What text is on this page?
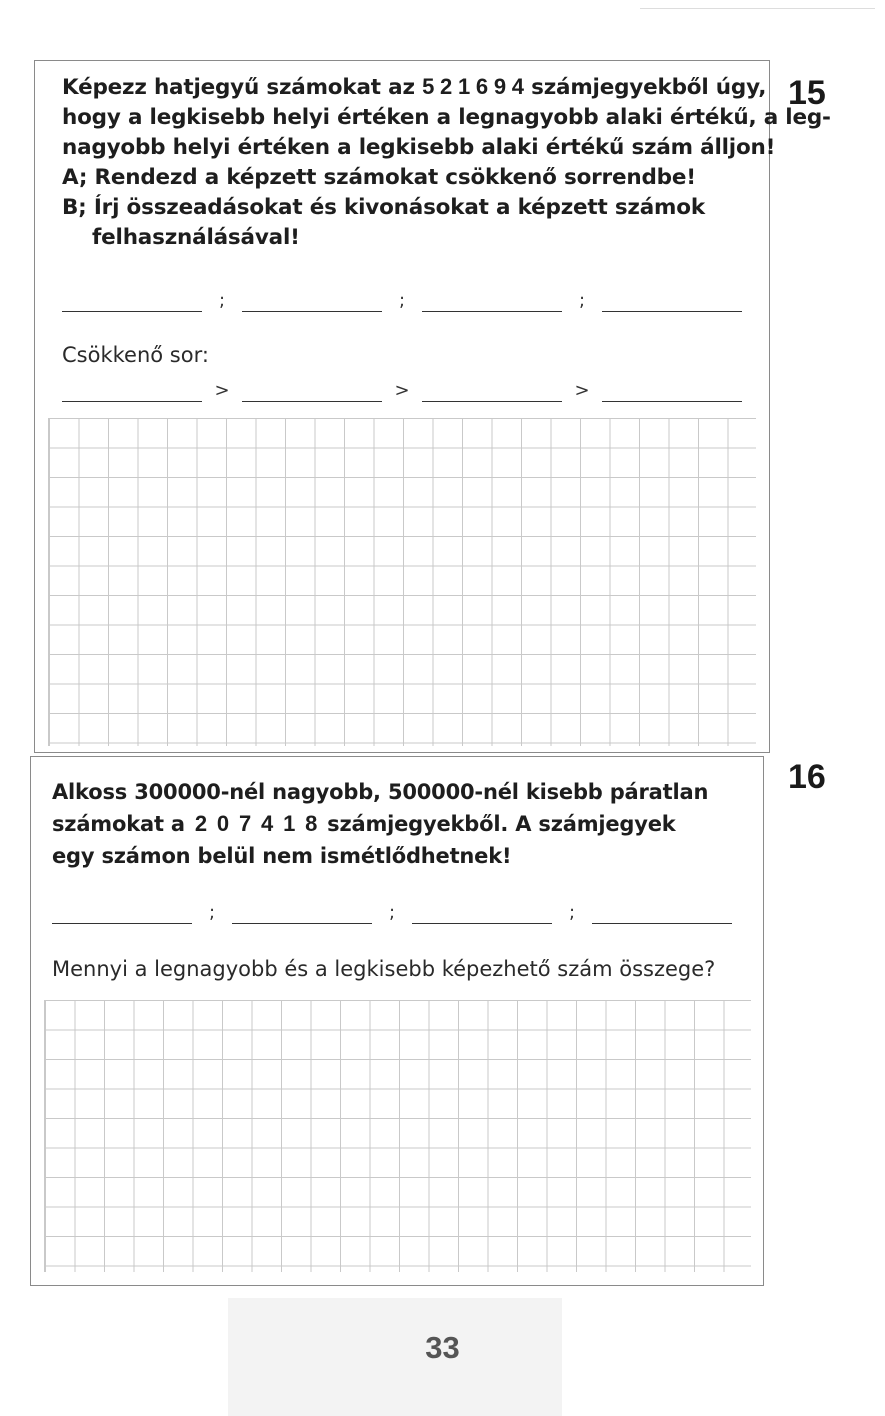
15
Képezz hatjegyű számokat az 5 2 1 6 9 4 számjegyekből úgy,
hogy a legkisebb helyi értéken a legnagyobb alaki értékű, a leg-
nagyobb helyi értéken a legkisebb alaki értékű szám álljon!
A; Rendezd a képzett számokat csökkenő sorrendbe!
B; Írj összeadásokat és kivonásokat a képzett számok
felhasználásával!
;	;	;
Csökkenő sor:
>	>	>
16
Alkoss 300000-nél nagyobb, 500000-nél kisebb páratlan
számokat a 2 0 7 4 1 8 számjegyekből. A számjegyek
egy számon belül nem ismétlődhetnek!
;	;	;
Mennyi a legnagyobb és a legkisebb képezhető szám összege?
33
